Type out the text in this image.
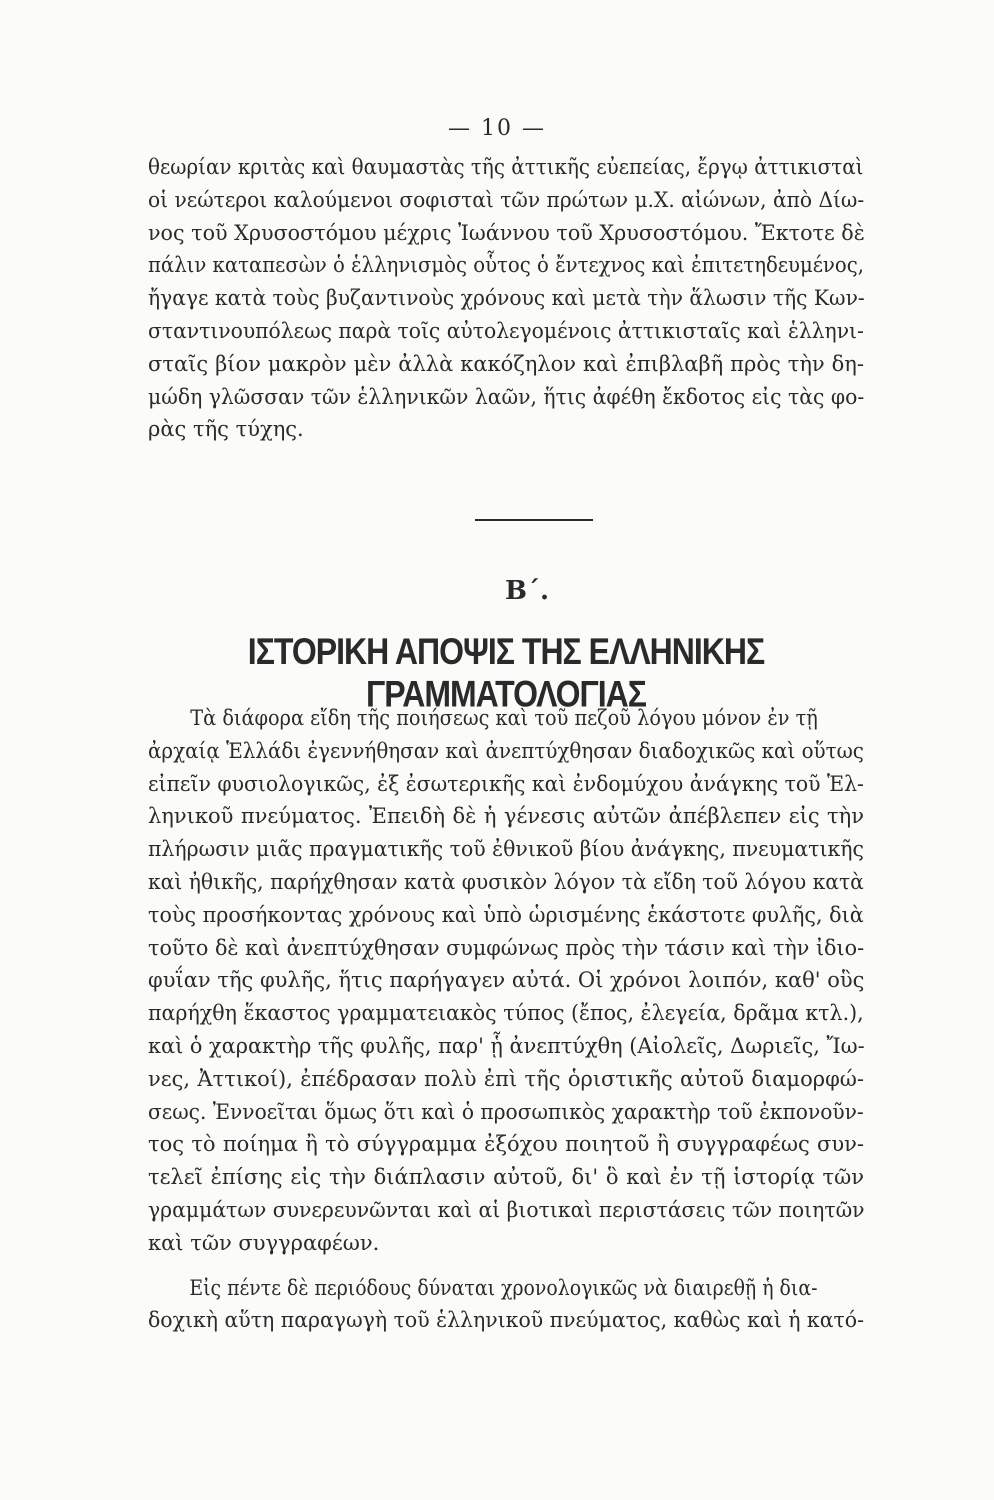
— 10 —
θεωρίαν κριτὰς καὶ θαυμαστὰς τῆς ἀττικῆς εὐεπείας, ἔργῳ ἀττικισταὶ
οἱ νεώτεροι καλούμενοι σοφισταὶ τῶν πρώτων μ.Χ. αἰώνων, ἀπὸ Δίω-
νος τοῦ Χρυσοστόμου μέχρις Ἰωάννου τοῦ Χρυσοστόμου. Ἔκτοτε δὲ
πάλιν καταπεσὼν ὁ ἑλληνισμὸς οὗτος ὁ ἔντεχνος καὶ ἐπιτετηδευμένος,
ἤγαγε κατὰ τοὺς βυζαντινοὺς χρόνους καὶ μετὰ τὴν ἅλωσιν τῆς Κων-
σταντινουπόλεως παρὰ τοῖς αὐτολεγομένοις ἀττικισταῖς καὶ ἑλληνι-
σταῖς βίον μακρὸν μὲν ἀλλὰ κακόζηλον καὶ ἐπιβλαβῆ πρὸς τὴν δη-
μώδη γλῶσσαν τῶν ἑλληνικῶν λαῶν, ἥτις ἀφέθη ἔκδοτος εἰς τὰς φο-
ρὰς τῆς τύχης.
Β΄.
ΙΣΤΟΡΙΚΗ ΑΠΟΨΙΣ ΤΗΣ ΕΛΛΗΝΙΚΗΣ ΓΡΑΜΜΑΤΟΛΟΓΙΑΣ
Τὰ διάφορα εἴδη τῆς ποιήσεως καὶ τοῦ πεζοῦ λόγου μόνον ἐν τῇ
ἀρχαίᾳ Ἑλλάδι ἐγεννήθησαν καὶ ἀνεπτύχθησαν διαδοχικῶς καὶ οὕτως
εἰπεῖν φυσιολογικῶς, ἐξ ἐσωτερικῆς καὶ ἐνδομύχου ἀνάγκης τοῦ Ἑλ-
ληνικοῦ πνεύματος. Ἐπειδὴ δὲ ἡ γένεσις αὐτῶν ἀπέβλεπεν εἰς τὴν
πλήρωσιν μιᾶς πραγματικῆς τοῦ ἐθνικοῦ βίου ἀνάγκης, πνευματικῆς
καὶ ἠθικῆς, παρήχθησαν κατὰ φυσικὸν λόγον τὰ εἴδη τοῦ λόγου κατὰ
τοὺς προσήκοντας χρόνους καὶ ὑπὸ ὡρισμένης ἑκάστοτε φυλῆς, διὰ
τοῦτο δὲ καὶ ἀνεπτύχθησαν συμφώνως πρὸς τὴν τάσιν καὶ τὴν ἰδιο-
φυΐαν τῆς φυλῆς, ἥτις παρήγαγεν αὐτά. Οἱ χρόνοι λοιπόν, καθ' οὓς
παρήχθη ἕκαστος γραμματειακὸς τύπος (ἔπος, ἐλεγεία, δρᾶμα κτλ.),
καὶ ὁ χαρακτὴρ τῆς φυλῆς, παρ' ᾗ ἀνεπτύχθη (Αἰολεῖς, Δωριεῖς, Ἴω-
νες, Ἀττικοί), ἐπέδρασαν πολὺ ἐπὶ τῆς ὁριστικῆς αὐτοῦ διαμορφώ-
σεως. Ἐννοεῖται ὅμως ὅτι καὶ ὁ προσωπικὸς χαρακτὴρ τοῦ ἐκπονοῦν-
τος τὸ ποίημα ἢ τὸ σύγγραμμα ἐξόχου ποιητοῦ ἢ συγγραφέως συν-
τελεῖ ἐπίσης εἰς τὴν διάπλασιν αὐτοῦ, δι' ὃ καὶ ἐν τῇ ἱστορίᾳ τῶν
γραμμάτων συνερευνῶνται καὶ αἱ βιοτικαὶ περιστάσεις τῶν ποιητῶν
καὶ τῶν συγγραφέων.
Εἰς πέντε δὲ περιόδους δύναται χρονολογικῶς νὰ διαιρεθῇ ἡ δια-
δοχικὴ αὕτη παραγωγὴ τοῦ ἑλληνικοῦ πνεύματος, καθὼς καὶ ἡ κατό-
